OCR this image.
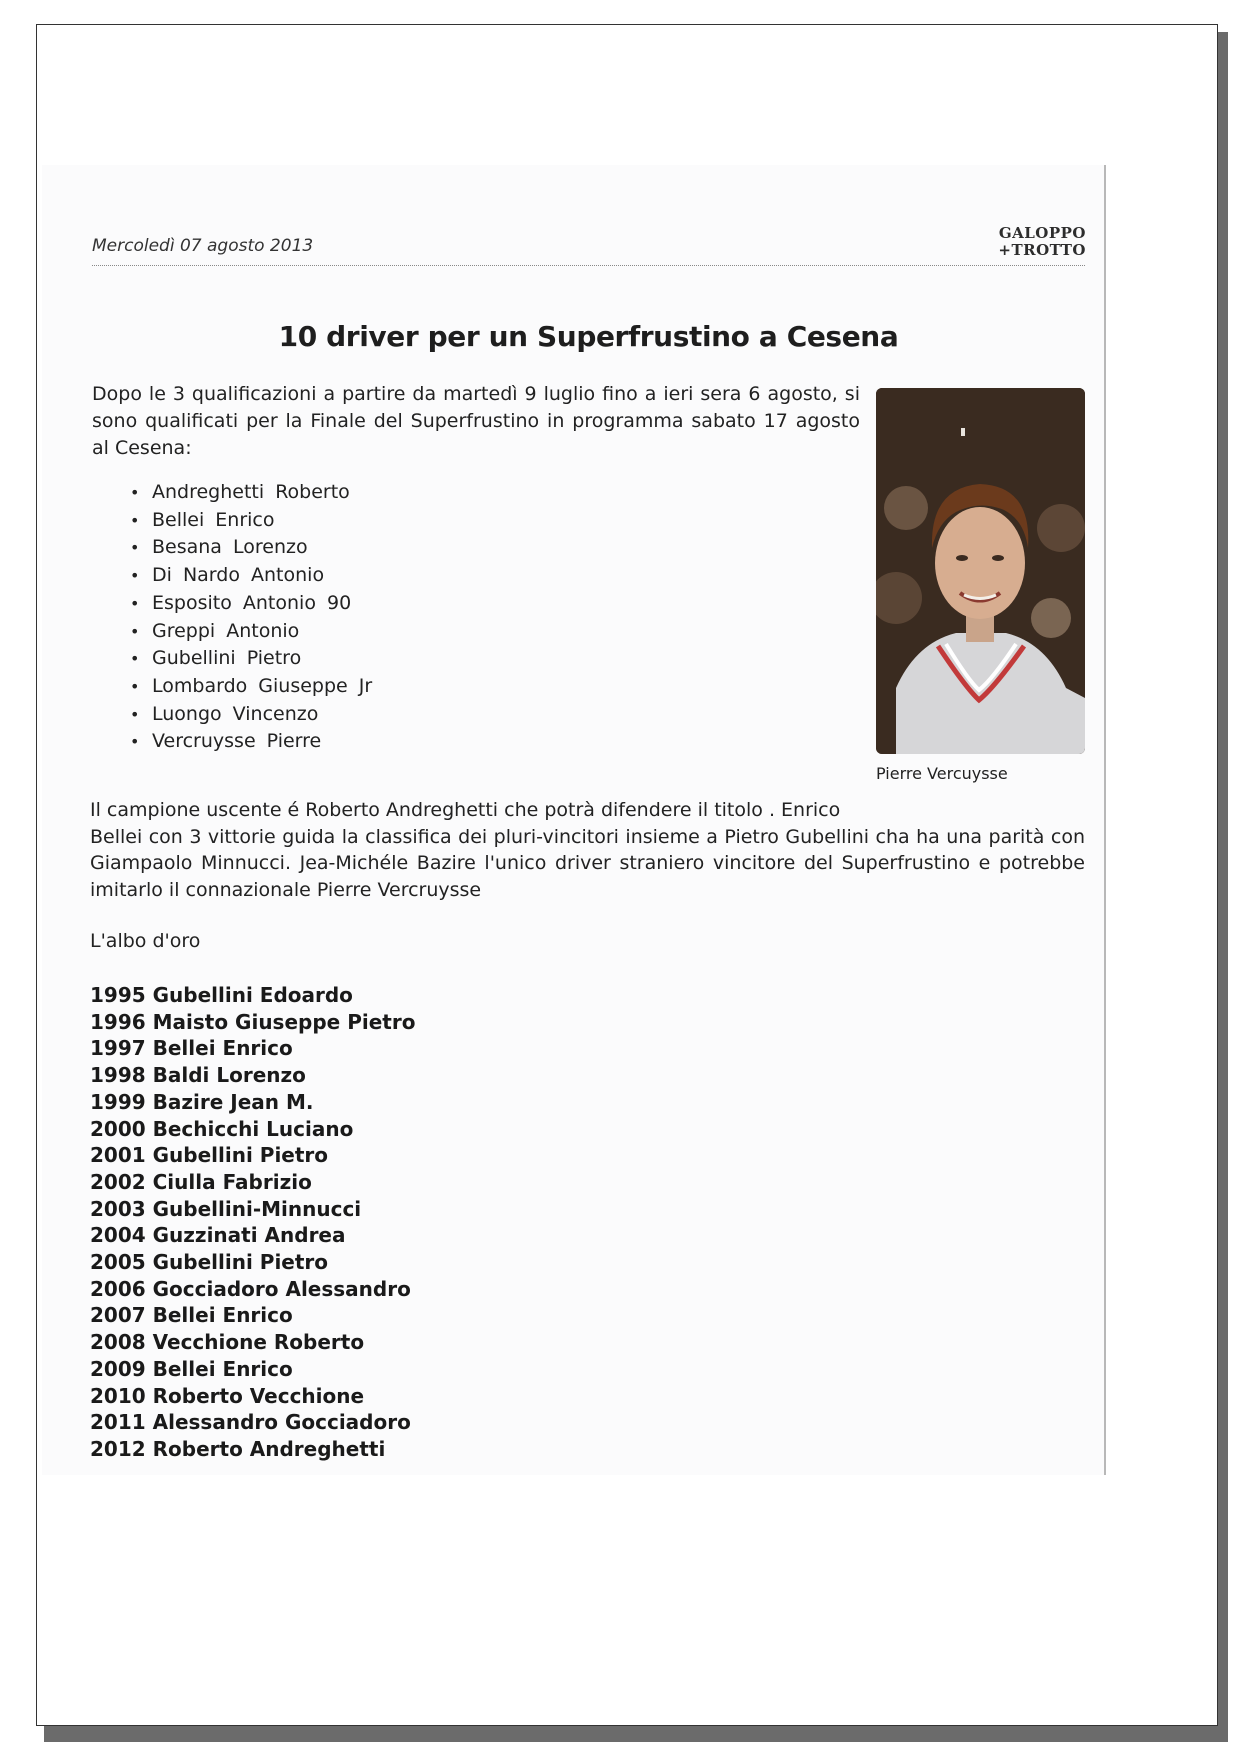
Mercoledì 07 agosto 2013
GALOPPO
+TROTTO
10 driver per un Superfrustino a Cesena
Dopo le 3 qualificazioni a partire da martedì 9 luglio fino a ieri sera 6 agosto, si sono qualificati per la Finale del Superfrustino in programma sabato 17 agosto al Cesena:
• Andreghetti Roberto
• Bellei Enrico
• Besana Lorenzo
• Di Nardo Antonio
• Esposito Antonio 90
• Greppi Antonio
• Gubellini Pietro
• Lombardo Giuseppe Jr
• Luongo Vincenzo
• Vercruysse Pierre
Pierre Vercuysse
Il campione uscente é Roberto Andreghetti che potrà difendere il titolo . Enrico
Bellei con 3 vittorie guida la classifica dei pluri-vincitori insieme a Pietro Gubellini cha ha una parità con Giampaolo Minnucci. Jea-Michéle Bazire l'unico driver straniero vincitore del Superfrustino e potrebbe imitarlo il connazionale Pierre Vercruysse
L'albo d'oro
1995 Gubellini Edoardo
1996 Maisto Giuseppe Pietro
1997 Bellei Enrico
1998 Baldi Lorenzo
1999 Bazire Jean M.
2000 Bechicchi Luciano
2001 Gubellini Pietro
2002 Ciulla Fabrizio
2003 Gubellini-Minnucci
2004 Guzzinati Andrea
2005 Gubellini Pietro
2006 Gocciadoro Alessandro
2007 Bellei Enrico
2008 Vecchione Roberto
2009 Bellei Enrico
2010 Roberto Vecchione
2011 Alessandro Gocciadoro
2012 Roberto Andreghetti
